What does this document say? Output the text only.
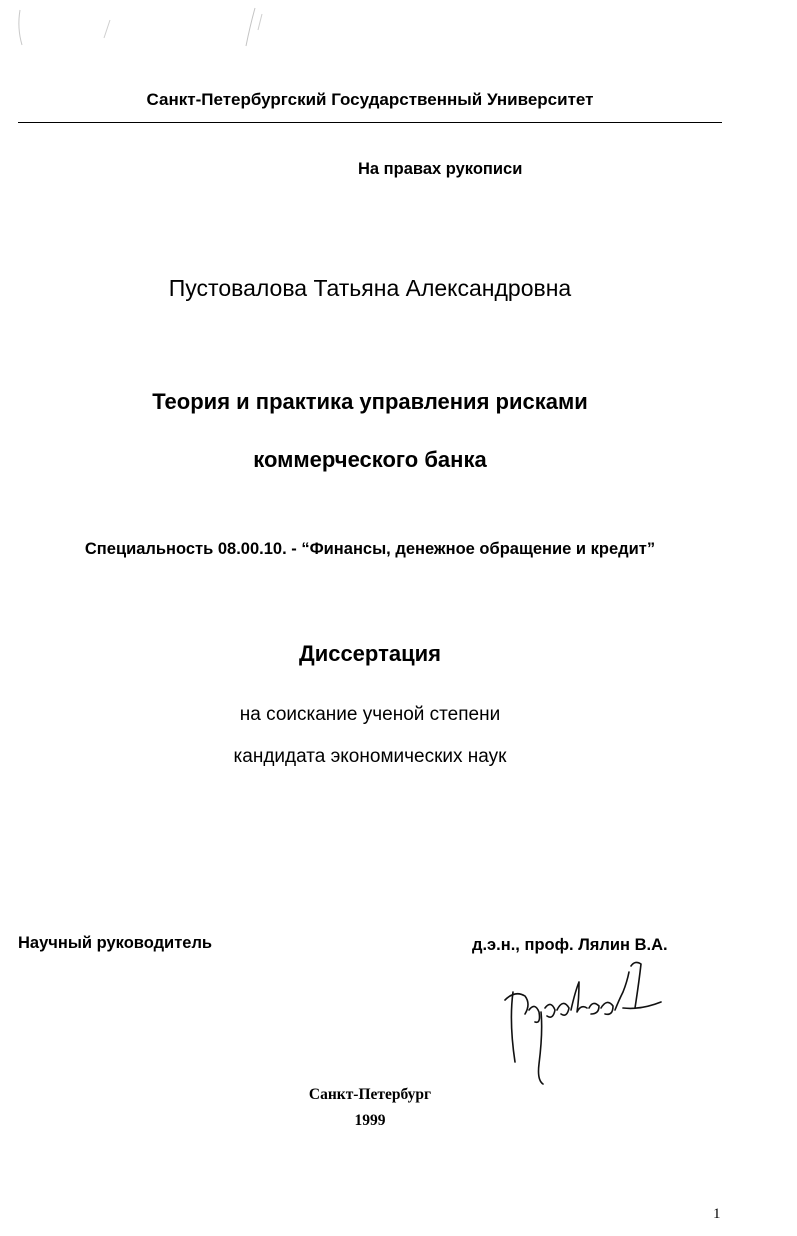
Санкт-Петербургский Государственный Университет
На правах рукописи
Пустовалова Татьяна Александровна
Теория и практика управления рисками
коммерческого банка
Специальность 08.00.10. - “Финансы, денежное обращение и кредит”
Диссертация
на соискание ученой степени
кандидата экономических наук
Научный руководитель	д.э.н., проф. Лялин В.А.
Санкт-Петербург
1999
1
